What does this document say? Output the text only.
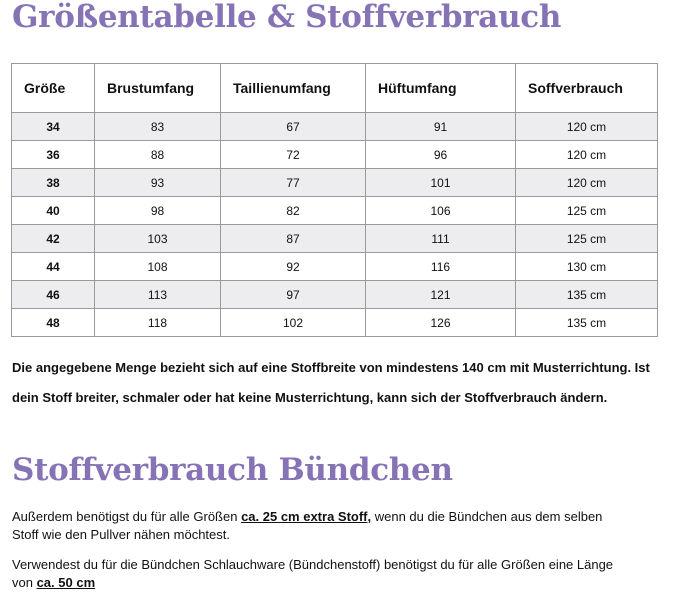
Größentabelle & Stoffverbrauch
Größe	Brustumfang	Taillienumfang	Hüftumfang	Soffverbrauch
34	83	67	91	120 cm
36	88	72	96	120 cm
38	93	77	101	120 cm
40	98	82	106	125 cm
42	103	87	111	125 cm
44	108	92	116	130 cm
46	113	97	121	135 cm
48	118	102	126	135 cm

Die angegebene Menge bezieht sich auf eine Stoffbreite von mindestens 140 cm mit Musterrichtung. Ist dein Stoff breiter, schmaler oder hat keine Musterrichtung, kann sich der Stoffverbrauch ändern.

Stoffverbrauch Bündchen

Außerdem benötigst du für alle Größen ca. 25 cm extra Stoff, wenn du die Bündchen aus dem selben Stoff wie den Pullver nähen möchtest.

Verwendest du für die Bündchen Schlauchware (Bündchenstoff) benötigst du für alle Größen eine Länge von ca. 50 cm
